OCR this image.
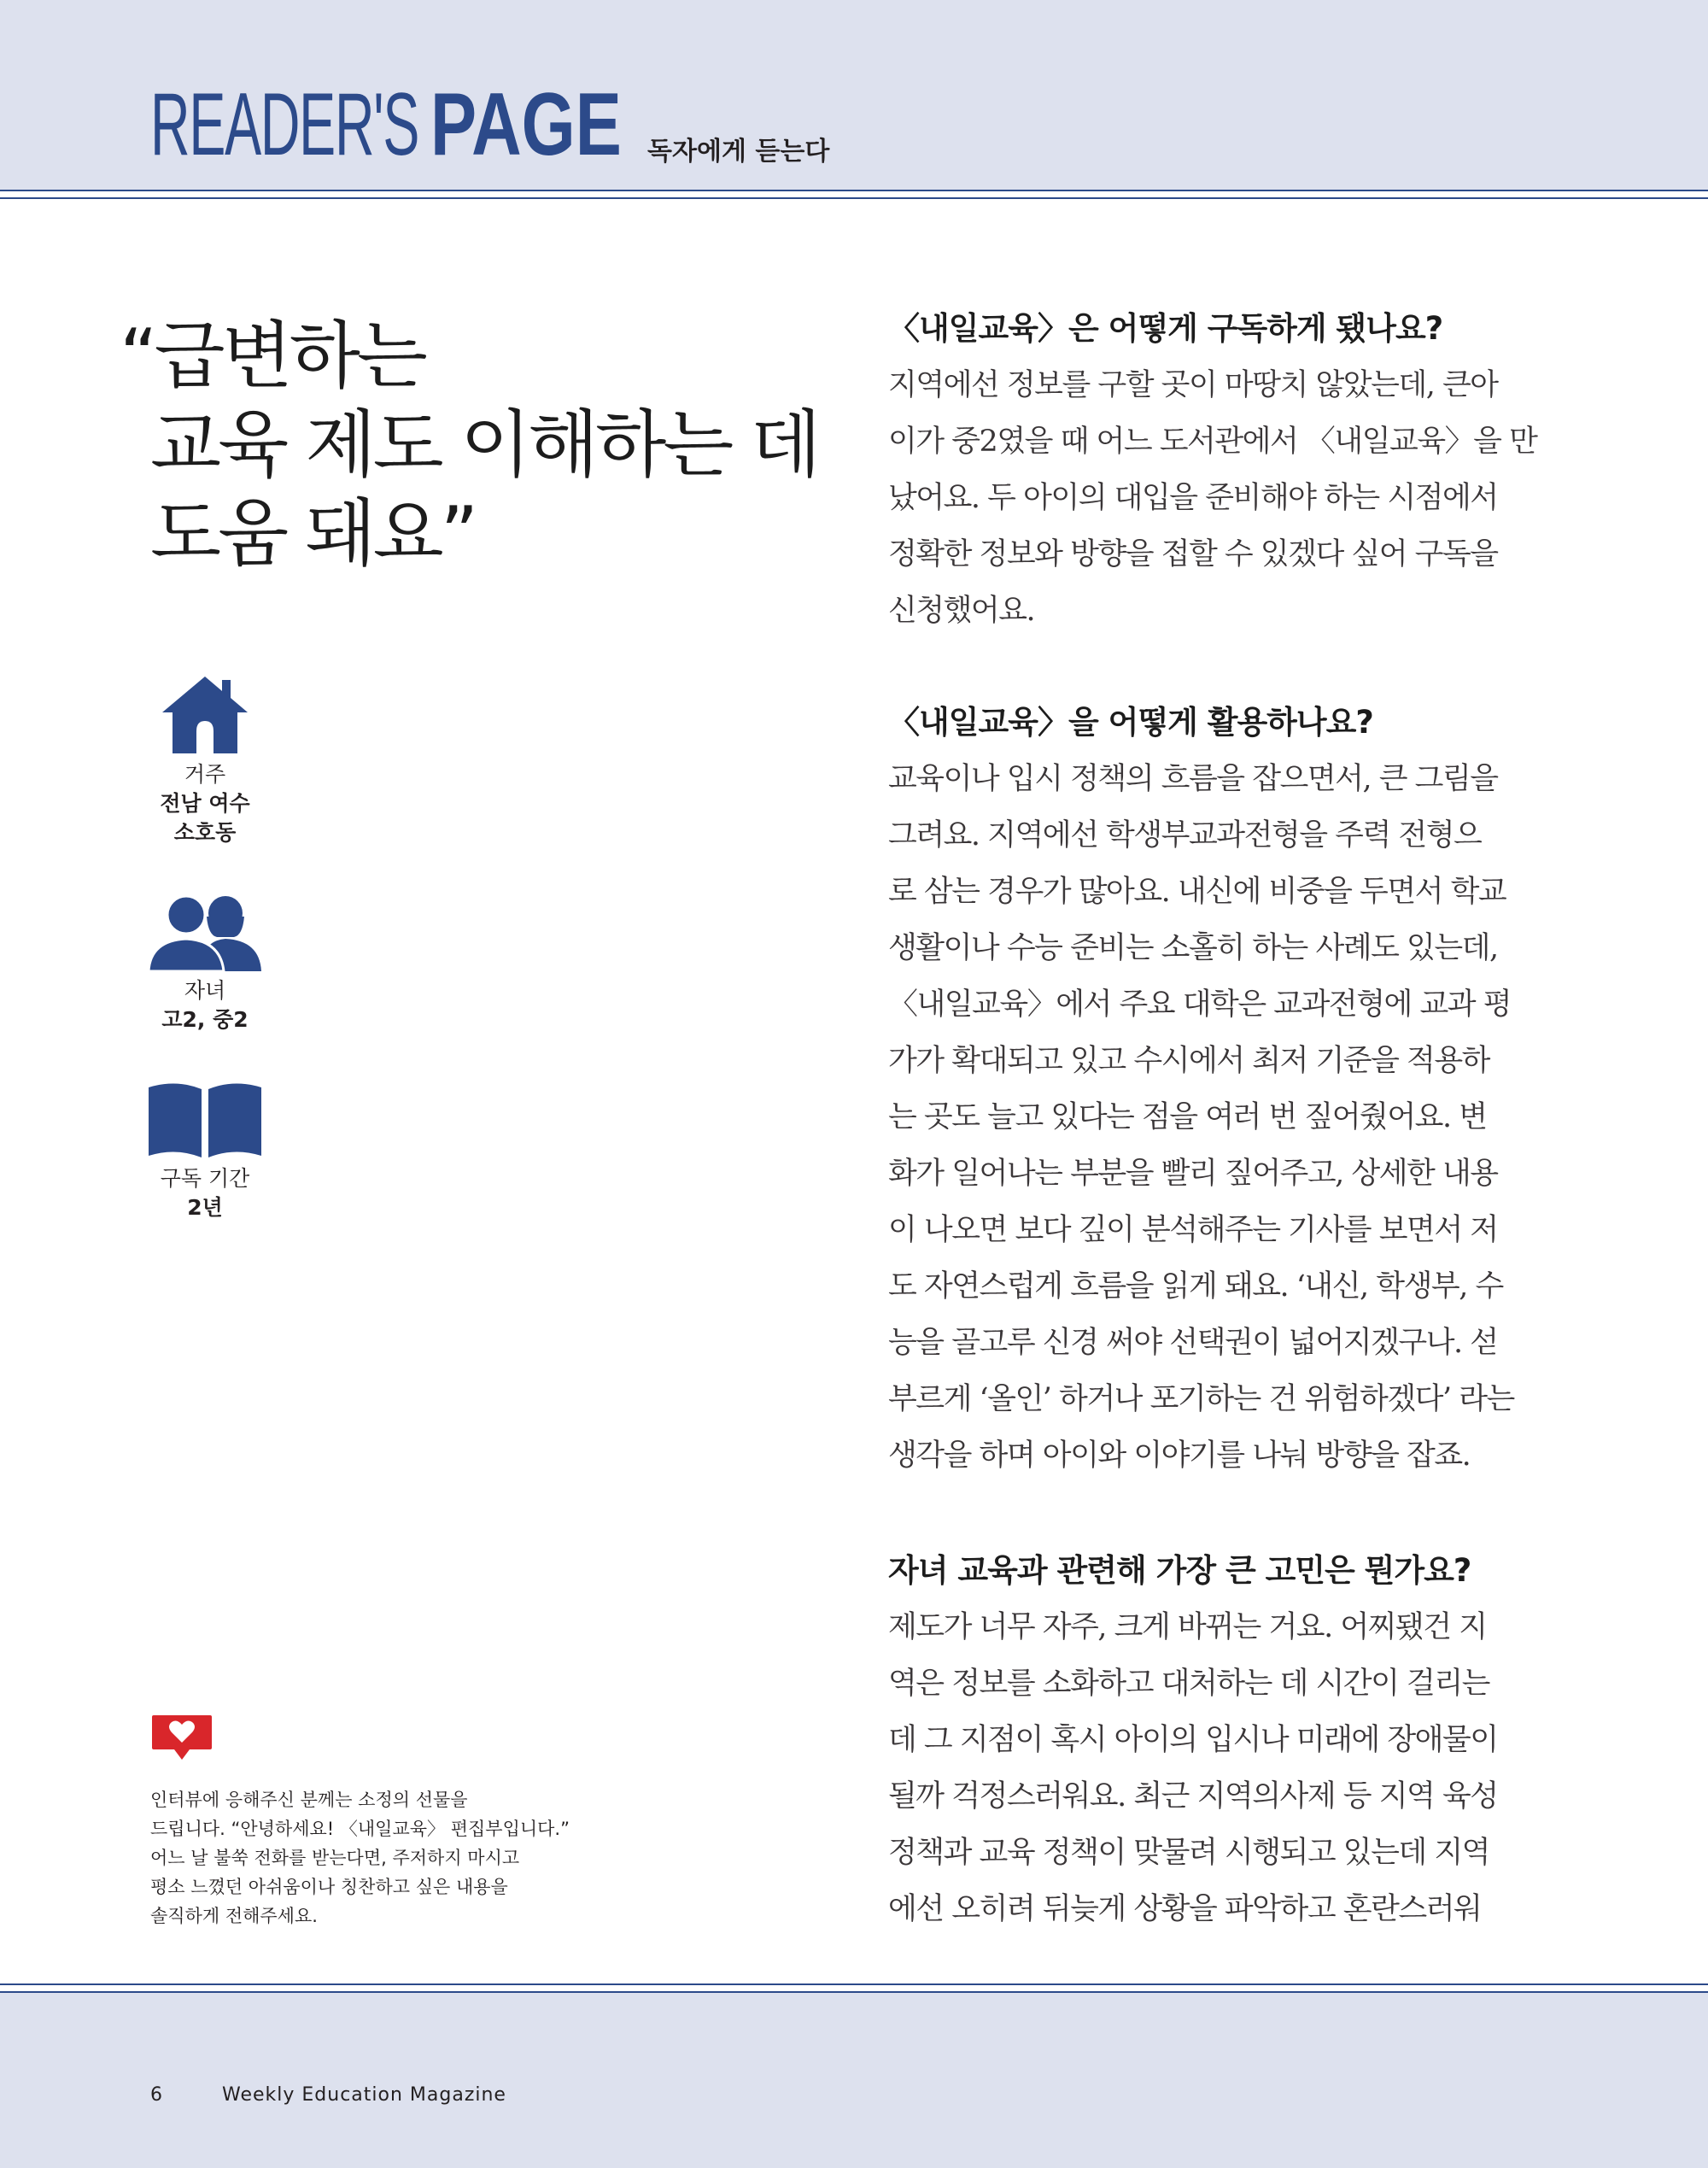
READER'S PAGE 독자에게 듣는다
“급변하는
교육 제도 이해하는 데
도움 돼요”
거주
전남 여수
소호동
자녀
고2, 중2
구독 기간
2년
인터뷰에 응해주신 분께는 소정의 선물을
드립니다. “안녕하세요! 〈내일교육〉 편집부입니다.”
어느 날 불쑥 전화를 받는다면, 주저하지 마시고
평소 느꼈던 아쉬움이나 칭찬하고 싶은 내용을
솔직하게 전해주세요.
〈내일교육〉은 어떻게 구독하게 됐나요?
지역에선 정보를 구할 곳이 마땅치 않았는데, 큰아
이가 중2였을 때 어느 도서관에서 〈내일교육〉을 만
났어요. 두 아이의 대입을 준비해야 하는 시점에서
정확한 정보와 방향을 접할 수 있겠다 싶어 구독을
신청했어요.
〈내일교육〉을 어떻게 활용하나요?
교육이나 입시 정책의 흐름을 잡으면서, 큰 그림을
그려요. 지역에선 학생부교과전형을 주력 전형으
로 삼는 경우가 많아요. 내신에 비중을 두면서 학교
생활이나 수능 준비는 소홀히 하는 사례도 있는데,
〈내일교육〉에서 주요 대학은 교과전형에 교과 평
가가 확대되고 있고 수시에서 최저 기준을 적용하
는 곳도 늘고 있다는 점을 여러 번 짚어줬어요. 변
화가 일어나는 부분을 빨리 짚어주고, 상세한 내용
이 나오면 보다 깊이 분석해주는 기사를 보면서 저
도 자연스럽게 흐름을 읽게 돼요. ‘내신, 학생부, 수
능을 골고루 신경 써야 선택권이 넓어지겠구나. 섣
부르게 ‘올인’ 하거나 포기하는 건 위험하겠다’ 라는
생각을 하며 아이와 이야기를 나눠 방향을 잡죠.
자녀 교육과 관련해 가장 큰 고민은 뭔가요?
제도가 너무 자주, 크게 바뀌는 거요. 어찌됐건 지
역은 정보를 소화하고 대처하는 데 시간이 걸리는
데 그 지점이 혹시 아이의 입시나 미래에 장애물이
될까 걱정스러워요. 최근 지역의사제 등 지역 육성
정책과 교육 정책이 맞물려 시행되고 있는데 지역
에선 오히려 뒤늦게 상황을 파악하고 혼란스러워
6	Weekly Education Magazine
